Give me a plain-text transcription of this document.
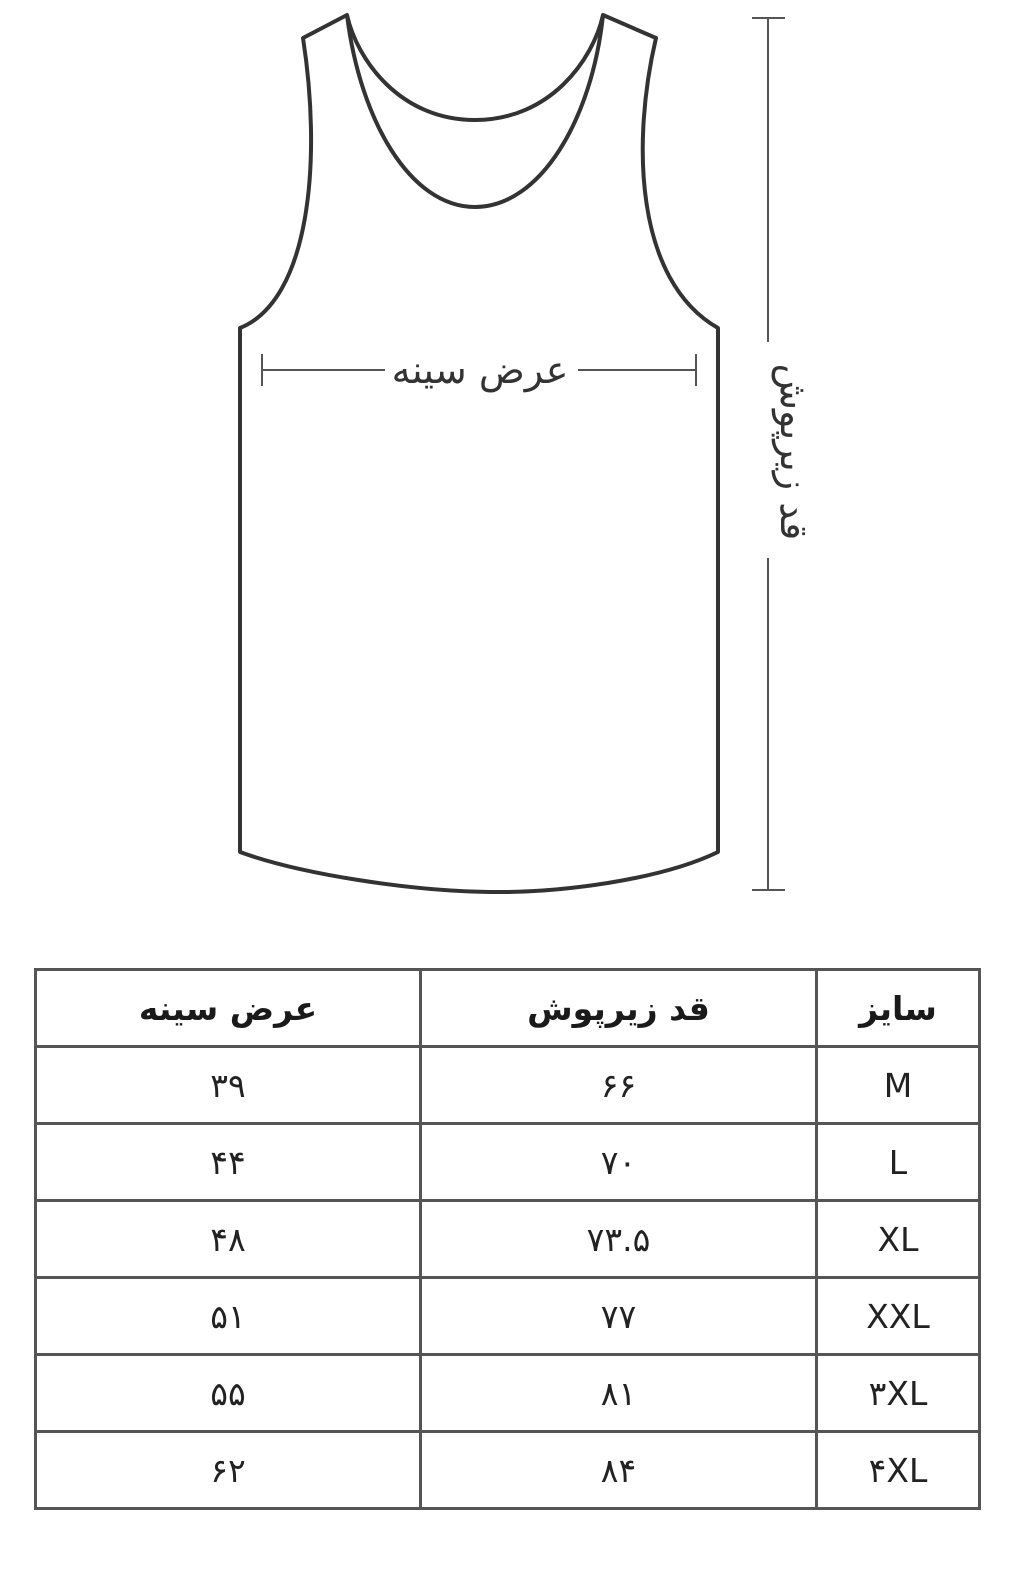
عرض سینه	قد زیرپوش
سایز	قد زیرپوش	عرض سینه
M	۶۶	۳۹
L	۷۰	۴۴
XL	۷۳.۵	۴۸
XXL	۷۷	۵۱
۳XL	۸۱	۵۵
۴XL	۸۴	۶۲
